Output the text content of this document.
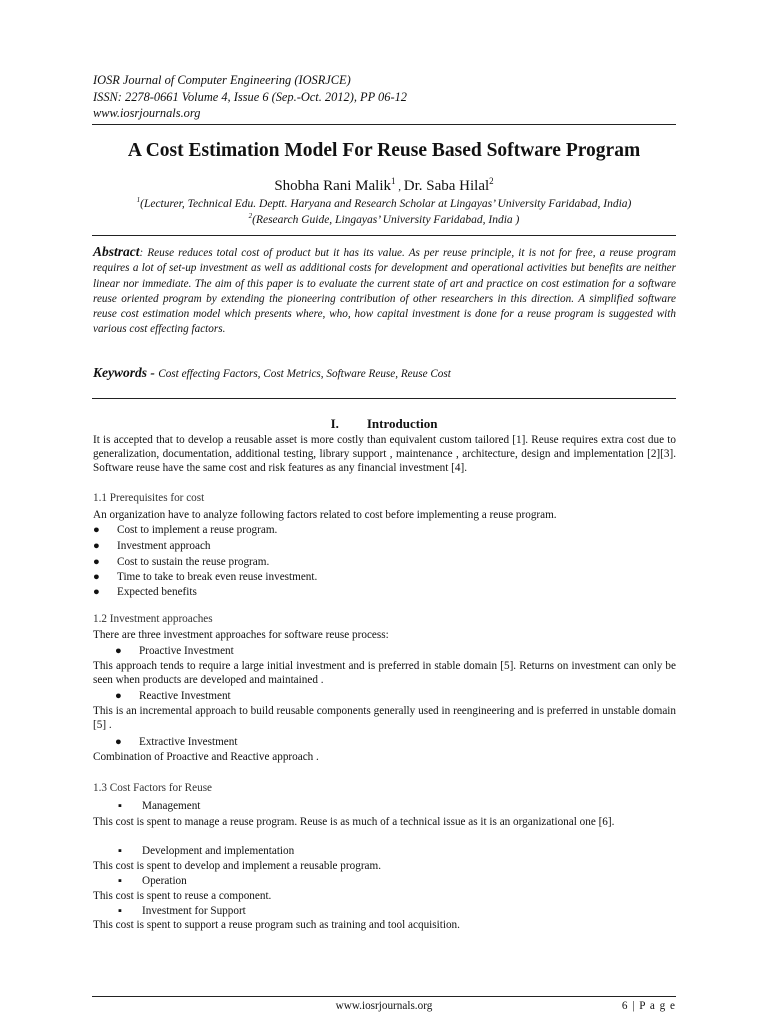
IOSR Journal of Computer Engineering (IOSRJCE)
ISSN: 2278-0661 Volume 4, Issue 6 (Sep.-Oct. 2012), PP 06-12
www.iosrjournals.org
A Cost Estimation Model For Reuse Based Software Program
Shobha Rani Malik$^1$ , Dr. Saba Hilal$^2$
$^1$(Lecturer, Technical Edu. Deptt. Haryana and Research Scholar at Lingayas’ University Faridabad, India)
$^2$(Research Guide, Lingayas’ University Faridabad, India )
Abstract: Reuse reduces total cost of product but it has its value. As per reuse principle, it is not for free, a reuse program requires a lot of set-up investment as well as additional costs for development and operational activities but benefits are neither linear nor immediate. The aim of this paper is to evaluate the current state of art and practice on cost estimation for a software reuse oriented program by extending the pioneering contribution of other researchers in this direction. A simplified software reuse cost estimation model which presents where, who, how capital investment is done for a reuse program is suggested with various cost effecting factors.
Keywords - Cost effecting Factors, Cost Metrics, Software Reuse, Reuse Cost
I. Introduction
It is accepted that to develop a reusable asset is more costly than equivalent custom tailored [1]. Reuse requires extra cost due to generalization, documentation, additional testing, library support , maintenance , architecture, design and implementation [2][3]. Software reuse have the same cost and risk features as any financial investment [4].
1.1 Prerequisites for cost
An organization have to analyze following factors related to cost before implementing a reuse program.
● Cost to implement a reuse program.
● Investment approach
● Cost to sustain the reuse program.
● Time to take to break even reuse investment.
● Expected benefits
1.2 Investment approaches
There are three investment approaches for software reuse process:
● Proactive Investment
This approach tends to require a large initial investment and is preferred in stable domain [5]. Returns on investment can only be seen when products are developed and maintained .
● Reactive Investment
This is an incremental approach to build reusable components generally used in reengineering and is preferred in unstable domain [5] .
● Extractive Investment
Combination of Proactive and Reactive approach .
1.3 Cost Factors for Reuse
▪ Management
This cost is spent to manage a reuse program. Reuse is as much of a technical issue as it is an organizational one [6].
▪ Development and implementation
This cost is spent to develop and implement a reusable program.
▪ Operation
This cost is spent to reuse a component.
▪ Investment for Support
This cost is spent to support a reuse program such as training and tool acquisition.
www.iosrjournals.org	6 | P a g e
